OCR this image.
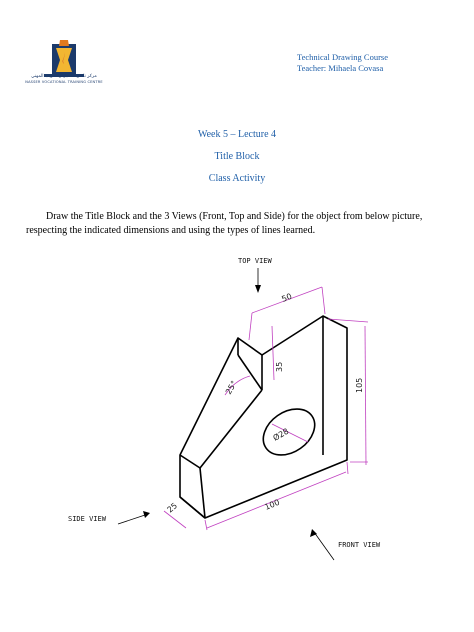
مركز ناصر للتأهيل والتدريب المهني
NASSER VOCATIONAL TRAINING CENTRE
Technical Drawing Course
Teacher: Mihaela Covasa
Week 5 – Lecture 4
Title Block
Class Activity
Draw the Title Block and the 3 Views (Front, Top and Side) for the object from below picture, respecting the indicated dimensions and using the types of lines learned.
TOP VIEW
SIDE VIEW
FRONT VIEW
50
35
105
25°
Ø28
25	100
